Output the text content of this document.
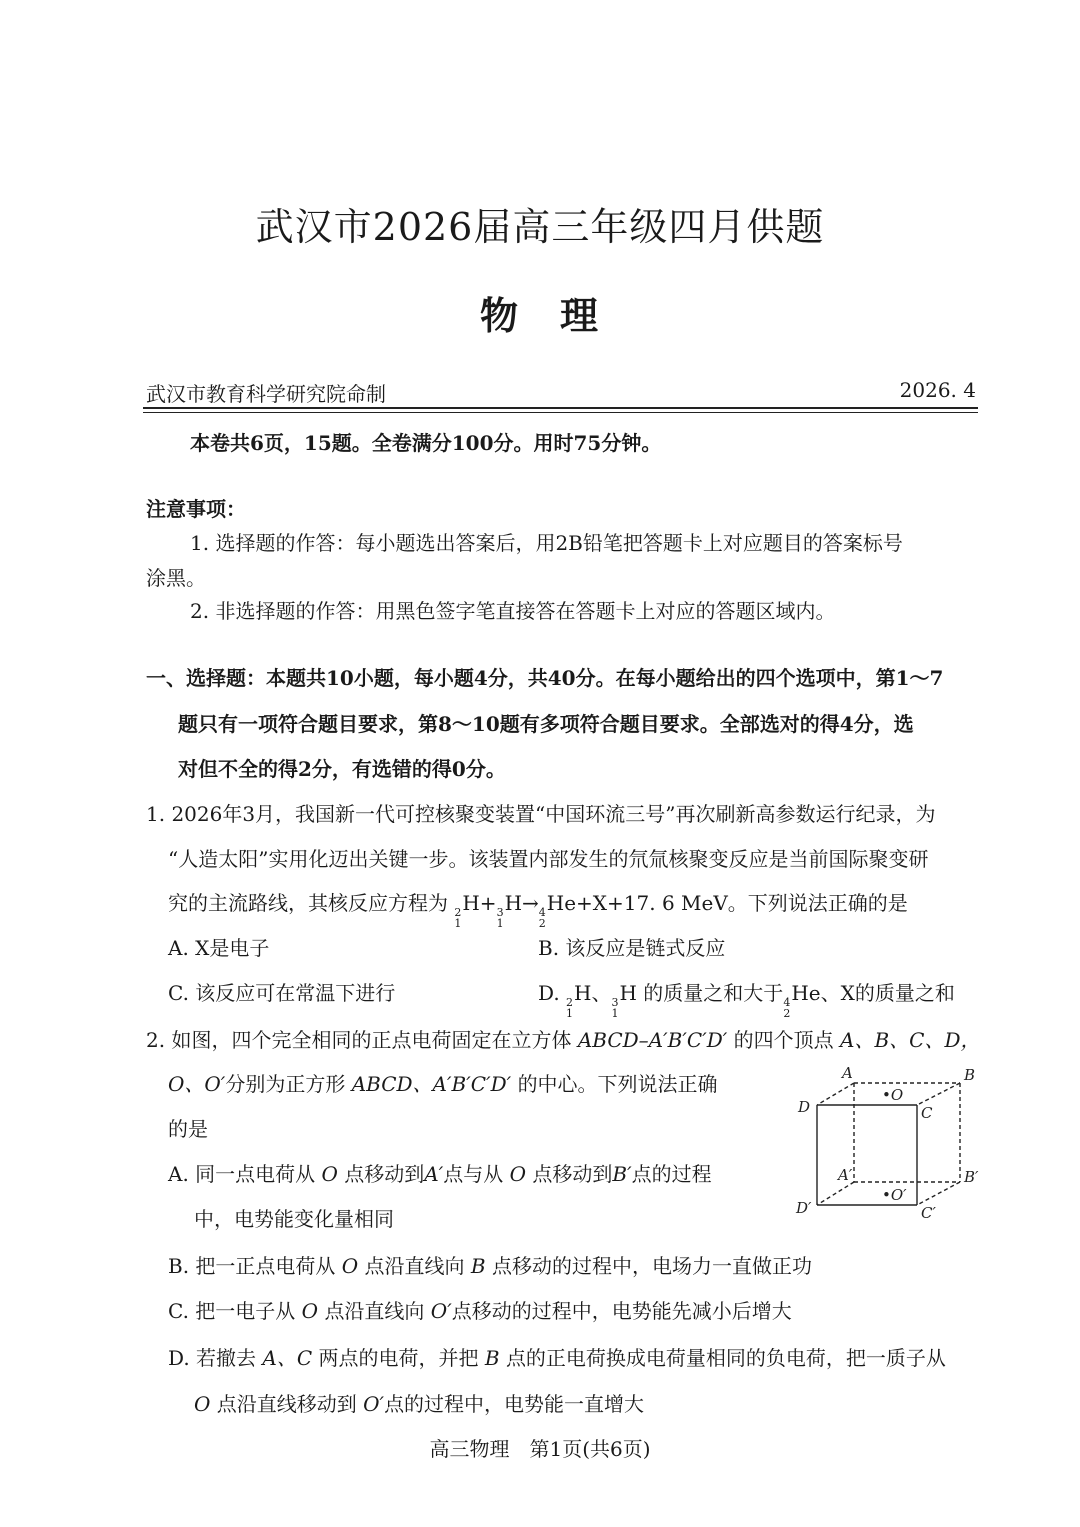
武汉市2026届高三年级四月供题
物　理
武汉市教育科学研究院命制	2026. 4
本卷共6页，15题。全卷满分100分。用时75分钟。
注意事项：
1. 选择题的作答：每小题选出答案后，用2B铅笔把答题卡上对应题目的答案标号
涂黑。
2. 非选择题的作答：用黑色签字笔直接答在答题卡上对应的答题区域内。
一、选择题：本题共10小题，每小题4分，共40分。在每小题给出的四个选项中，第1～7
题只有一项符合题目要求，第8～10题有多项符合题目要求。全部选对的得4分，选
对但不全的得2分，有选错的得0分。
1. 2026年3月，我国新一代可控核聚变装置“中国环流三号”再次刷新高参数运行纪录，为
“人造太阳”实用化迈出关键一步。该装置内部发生的氘氚核聚变反应是当前国际聚变研
究的主流路线，其核反应方程为 2
1
H+ 3
1
H→ 4
2
He+X+17. 6 MeV。下列说法正确的是
A. X是电子	B. 该反应是链式反应
C. 该反应可在常温下进行	D. 2
1
H、 3
1
H 的质量之和大于 4
2
He、X的质量之和
2. 如图，四个完全相同的正点电荷固定在立方体 ABCD–A′B′C′D′ 的四个顶点 A、B、C、D，
O、O′分别为正方形 ABCD、A′B′C′D′ 的中心。下列说法正确
的是
A. 同一点电荷从 O 点移动到A′点与从 O 点移动到B′点的过程
中，电势能变化量相同
B. 把一正点电荷从 O 点沿直线向 B 点移动的过程中，电场力一直做正功
C. 把一电子从 O 点沿直线向 O′点移动的过程中，电势能先减小后增大
D. 若撤去 A、C 两点的电荷，并把 B 点的正电荷换成电荷量相同的负电荷，把一质子从
O 点沿直线移动到 O′点的过程中，电势能一直增大
A	B
C
D
•O
A′	B′
C′
D′
•O′
高三物理　第1页(共6页)
